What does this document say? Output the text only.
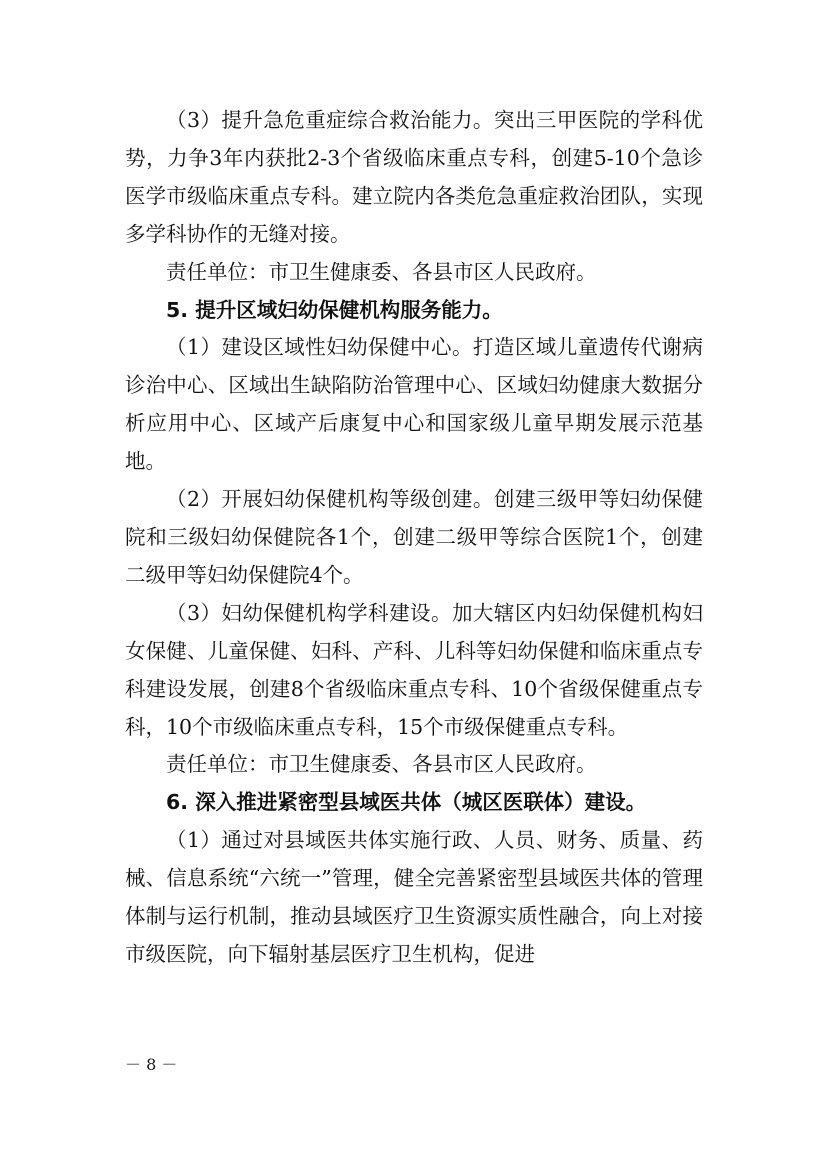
（3）提升急危重症综合救治能力。突出三甲医院的学科优势，力争3年内获批2-3个省级临床重点专科，创建5-10个急诊医学市级临床重点专科。建立院内各类危急重症救治团队，实现多学科协作的无缝对接。

责任单位：市卫生健康委、各县市区人民政府。

5. 提升区域妇幼保健机构服务能力。

（1）建设区域性妇幼保健中心。打造区域儿童遗传代谢病诊治中心、区域出生缺陷防治管理中心、区域妇幼健康大数据分析应用中心、区域产后康复中心和国家级儿童早期发展示范基地。

（2）开展妇幼保健机构等级创建。创建三级甲等妇幼保健院和三级妇幼保健院各1个，创建二级甲等综合医院1个，创建二级甲等妇幼保健院4个。

（3）妇幼保健机构学科建设。加大辖区内妇幼保健机构妇女保健、儿童保健、妇科、产科、儿科等妇幼保健和临床重点专科建设发展，创建8个省级临床重点专科、10个省级保健重点专科，10个市级临床重点专科，15个市级保健重点专科。

责任单位：市卫生健康委、各县市区人民政府。

6. 深入推进紧密型县域医共体（城区医联体）建设。

（1）通过对县域医共体实施行政、人员、财务、质量、药械、信息系统“六统一”管理，健全完善紧密型县域医共体的管理体制与运行机制，推动县域医疗卫生资源实质性融合，向上对接市级医院，向下辐射基层医疗卫生机构，促进

－ 8 －
